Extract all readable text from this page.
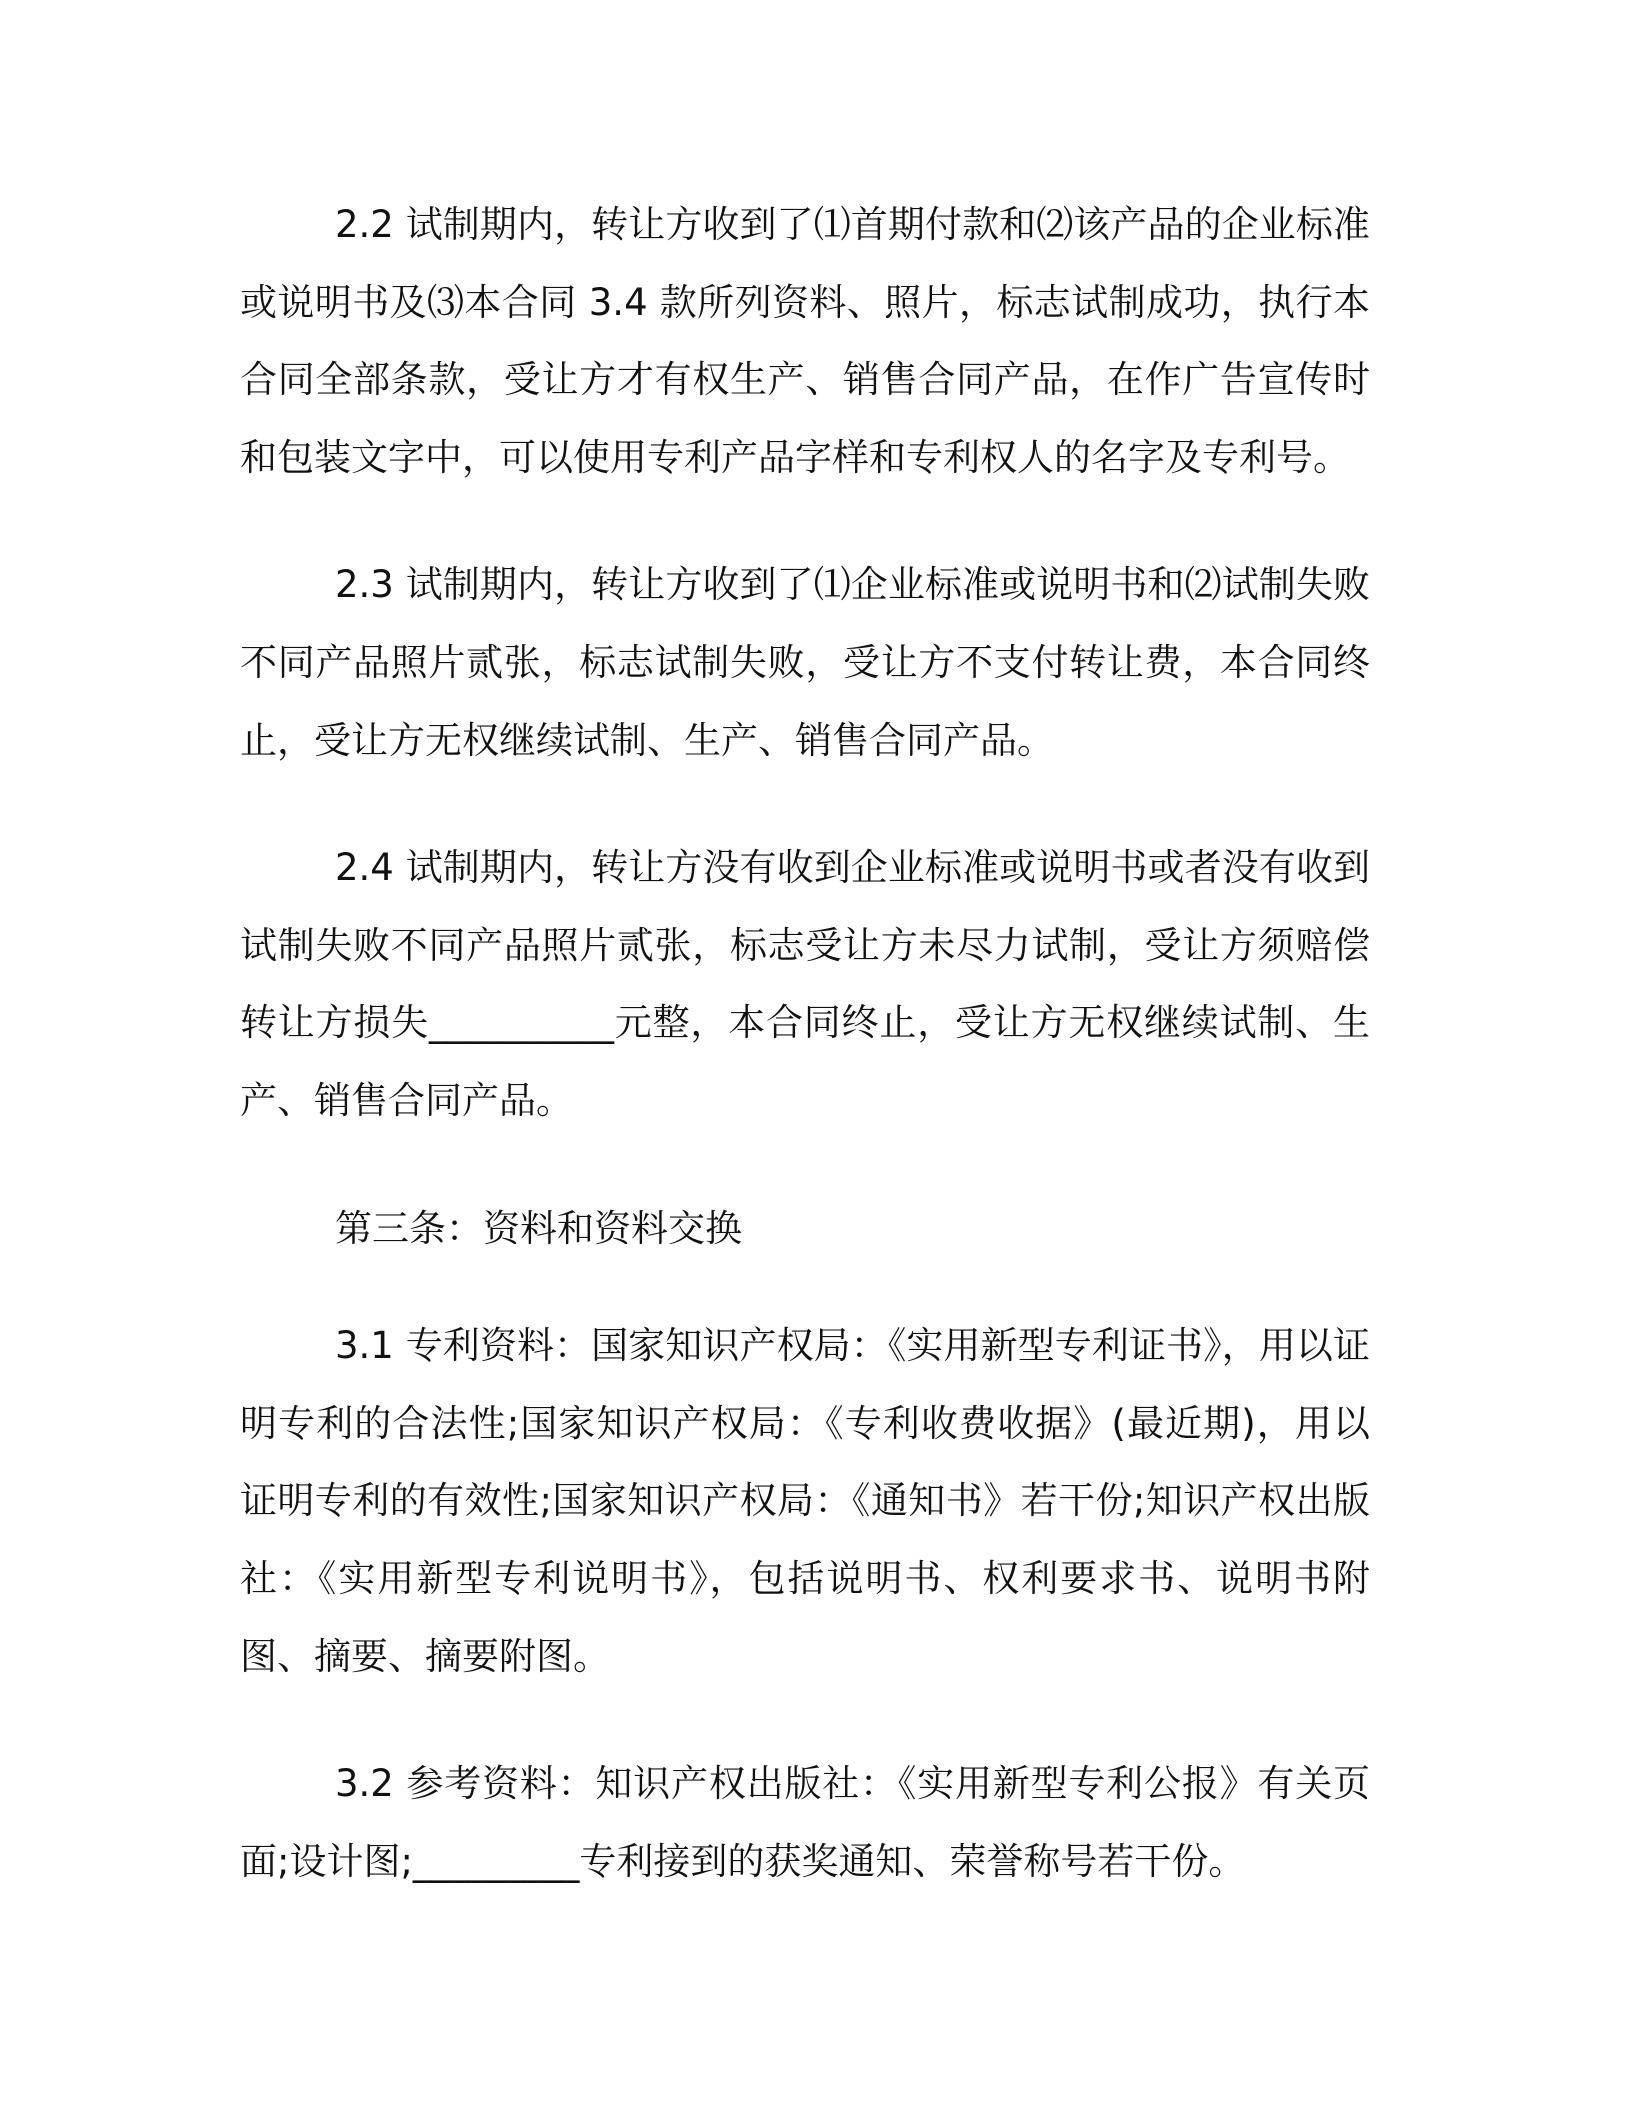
2.2 试制期内，转让方收到了⑴首期付款和⑵该产品的企业标准或说明书及⑶本合同 3.4 款所列资料、照片，标志试制成功，执行本合同全部条款，受让方才有权生产、销售合同产品，在作广告宣传时和包装文字中，可以使用专利产品字样和专利权人的名字及专利号。

2.3 试制期内，转让方收到了⑴企业标准或说明书和⑵试制失败不同产品照片贰张，标志试制失败，受让方不支付转让费，本合同终止，受让方无权继续试制、生产、销售合同产品。

2.4 试制期内，转让方没有收到企业标准或说明书或者没有收到试制失败不同产品照片贰张，标志受让方未尽力试制，受让方须赔偿转让方损失__________元整，本合同终止，受让方无权继续试制、生产、销售合同产品。

第三条：资料和资料交换

3.1 专利资料：国家知识产权局：《实用新型专利证书》，用以证明专利的合法性;国家知识产权局：《专利收费收据》(最近期)，用以证明专利的有效性;国家知识产权局：《通知书》若干份;知识产权出版社：《实用新型专利说明书》，包括说明书、权利要求书、说明书附图、摘要、摘要附图。

3.2 参考资料：知识产权出版社：《实用新型专利公报》有关页面;设计图;_________专利接到的获奖通知、荣誉称号若干份。
